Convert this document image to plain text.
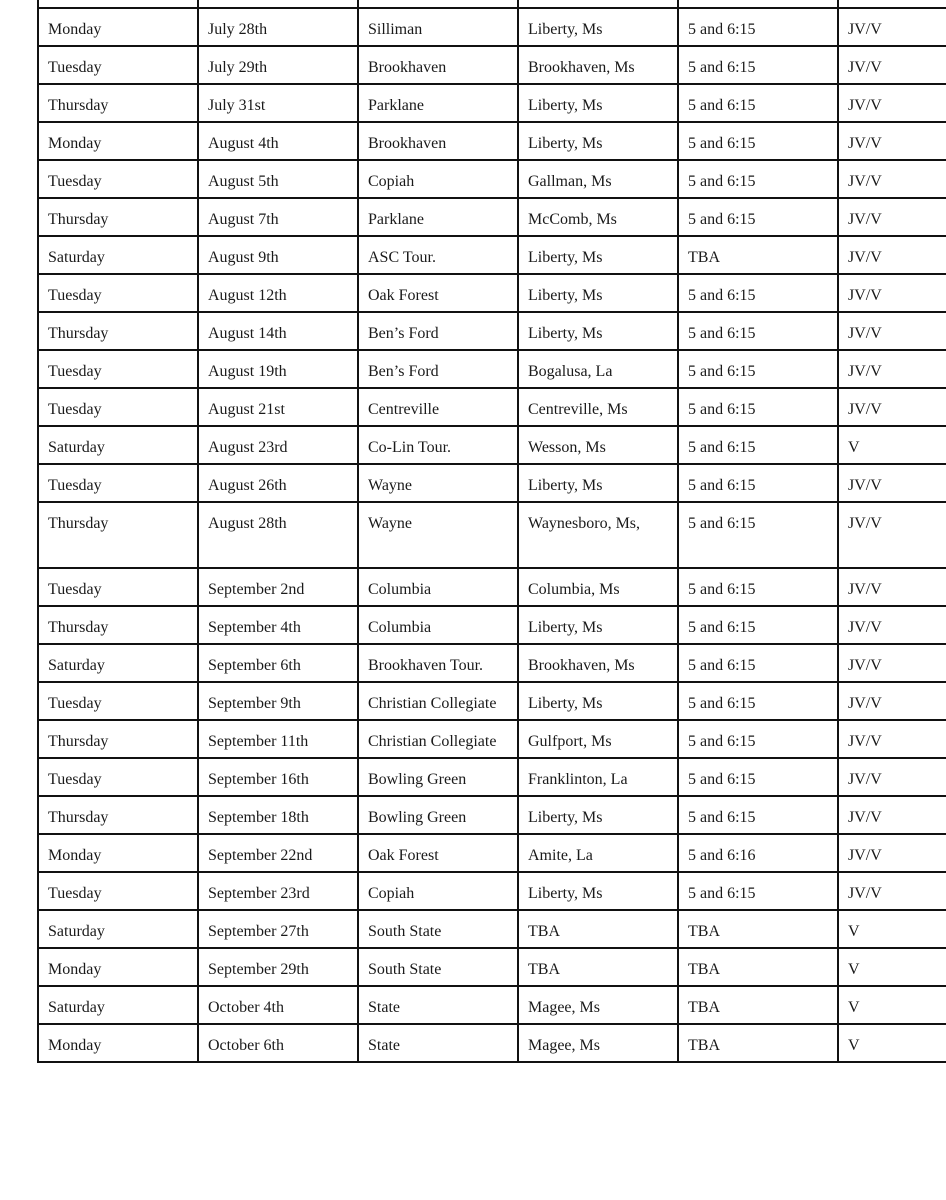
Monday	July 28th	Silliman	Liberty, Ms	5 and 6:15	JV/V
Tuesday	July 29th	Brookhaven	Brookhaven, Ms	5 and 6:15	JV/V
Thursday	July 31st	Parklane	Liberty, Ms	5 and 6:15	JV/V
Monday	August 4th	Brookhaven	Liberty, Ms	5 and 6:15	JV/V
Tuesday	August 5th	Copiah	Gallman, Ms	5 and 6:15	JV/V
Thursday	August 7th	Parklane	McComb, Ms	5 and 6:15	JV/V
Saturday	August 9th	ASC Tour.	Liberty, Ms	TBA	JV/V
Tuesday	August 12th	Oak Forest	Liberty, Ms	5 and 6:15	JV/V
Thursday	August 14th	Ben’s Ford	Liberty, Ms	5 and 6:15	JV/V
Tuesday	August 19th	Ben’s Ford	Bogalusa, La	5 and 6:15	JV/V
Tuesday	August 21st	Centreville	Centreville, Ms	5 and 6:15	JV/V
Saturday	August 23rd	Co-Lin Tour.	Wesson, Ms	5 and 6:15	V
Tuesday	August 26th	Wayne	Liberty, Ms	5 and 6:15	JV/V
Thursday	August 28th	Wayne	Waynesboro, Ms,	5 and 6:15	JV/V
Tuesday	September 2nd	Columbia	Columbia, Ms	5 and 6:15	JV/V
Thursday	September 4th	Columbia	Liberty, Ms	5 and 6:15	JV/V
Saturday	September 6th	Brookhaven Tour.	Brookhaven, Ms	5 and 6:15	JV/V
Tuesday	September 9th	Christian Collegiate	Liberty, Ms	5 and 6:15	JV/V
Thursday	September 11th	Christian Collegiate	Gulfport, Ms	5 and 6:15	JV/V
Tuesday	September 16th	Bowling Green	Franklinton, La	5 and 6:15	JV/V
Thursday	September 18th	Bowling Green	Liberty, Ms	5 and 6:15	JV/V
Monday	September 22nd	Oak Forest	Amite, La	5 and 6:16	JV/V
Tuesday	September 23rd	Copiah	Liberty, Ms	5 and 6:15	JV/V
Saturday	September 27th	South State	TBA	TBA	V
Monday	September 29th	South State	TBA	TBA	V
Saturday	October 4th	State	Magee, Ms	TBA	V
Monday	October 6th	State	Magee, Ms	TBA	V
